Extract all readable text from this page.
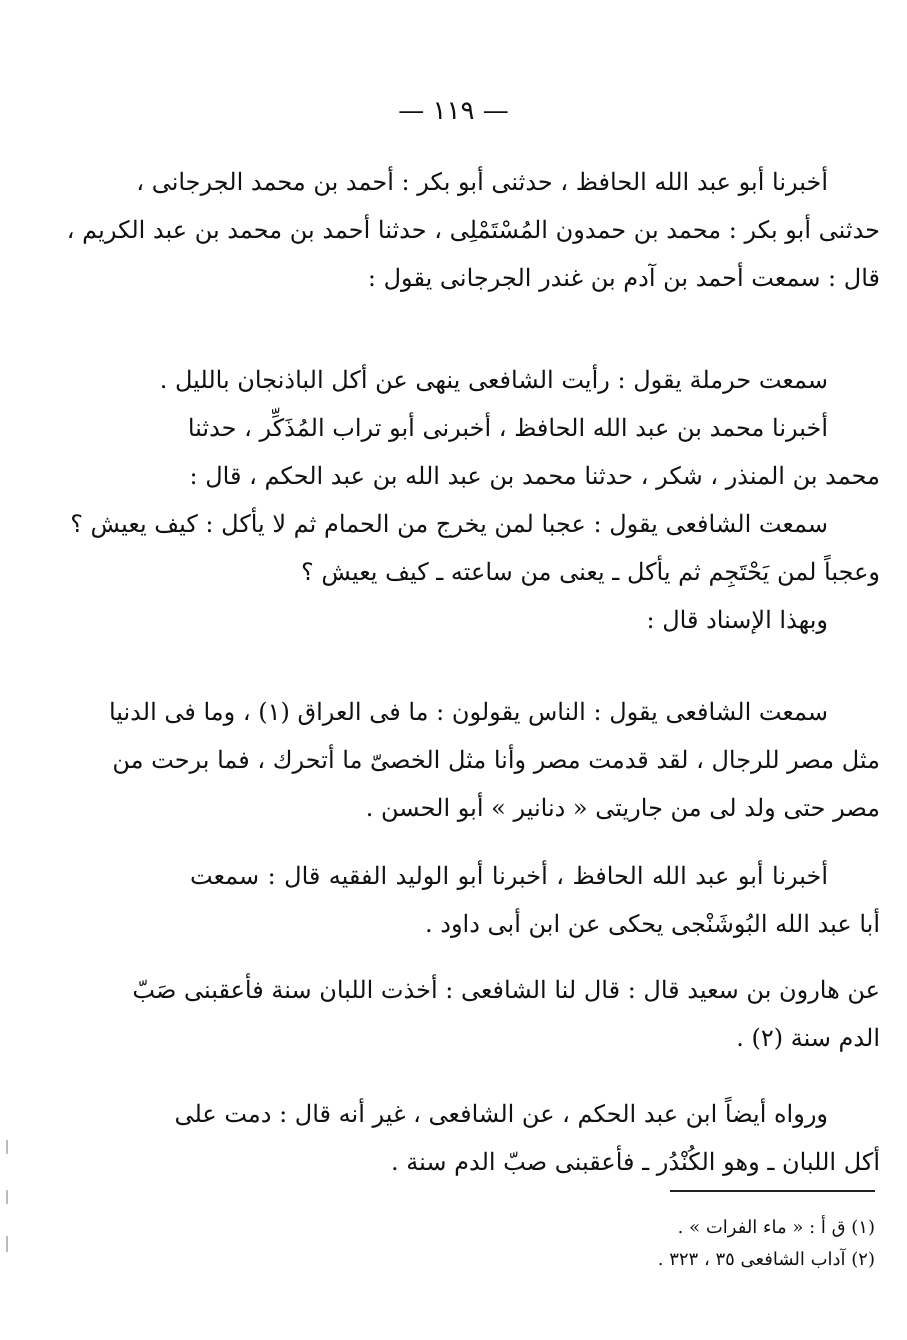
— ١١٩ —
أخبرنا أبو عبد الله الحافظ ، حدثنى أبو بكر : أحمد بن محمد الجرجانى ،
حدثنى أبو بكر : محمد بن حمدون المُسْتَمْلِى ، حدثنا أحمد بن محمد بن عبد الكريم ،
قال : سمعت أحمد بن آدم بن غندر الجرجانى يقول :
سمعت حرملة يقول : رأيت الشافعى ينهى عن أكل الباذنجان بالليل .
أخبرنا محمد بن عبد الله الحافظ ، أخبرنى أبو تراب المُذَكِّر ، حدثنا
محمد بن المنذر ، شكر ، حدثنا محمد بن عبد الله بن عبد الحكم ، قال :
سمعت الشافعى يقول : عجبا لمن يخرج من الحمام ثم لا يأكل : كيف يعيش ؟
وعجباً لمن يَحْتَجِم ثم يأكل ـ يعنى من ساعته ـ كيف يعيش ؟
وبهذا الإسناد قال :
سمعت الشافعى يقول : الناس يقولون : ما فى العراق (١) ، وما فى الدنيا
مثل مصر للرجال ، لقد قدمت مصر وأنا مثل الخصىّ ما أتحرك ، فما برحت من
مصر حتى ولد لى من جاريتى « دنانير » أبو الحسن .
أخبرنا أبو عبد الله الحافظ ، أخبرنا أبو الوليد الفقيه قال : سمعت
أبا عبد الله البُوشَنْجى يحكى عن ابن أبى داود .
عن هارون بن سعيد قال : قال لنا الشافعى : أخذت اللبان سنة فأعقبنى صَبّ
الدم سنة (٢) .
ورواه أيضاً ابن عبد الحكم ، عن الشافعى ، غير أنه قال : دمت على
أكل اللبان ـ وهو الكُنْدُر ـ فأعقبنى صبّ الدم سنة .
(١) ق أ : « ماء الفرات » .
(٢) آداب الشافعى ٣٥ ، ٣٢٣ .
